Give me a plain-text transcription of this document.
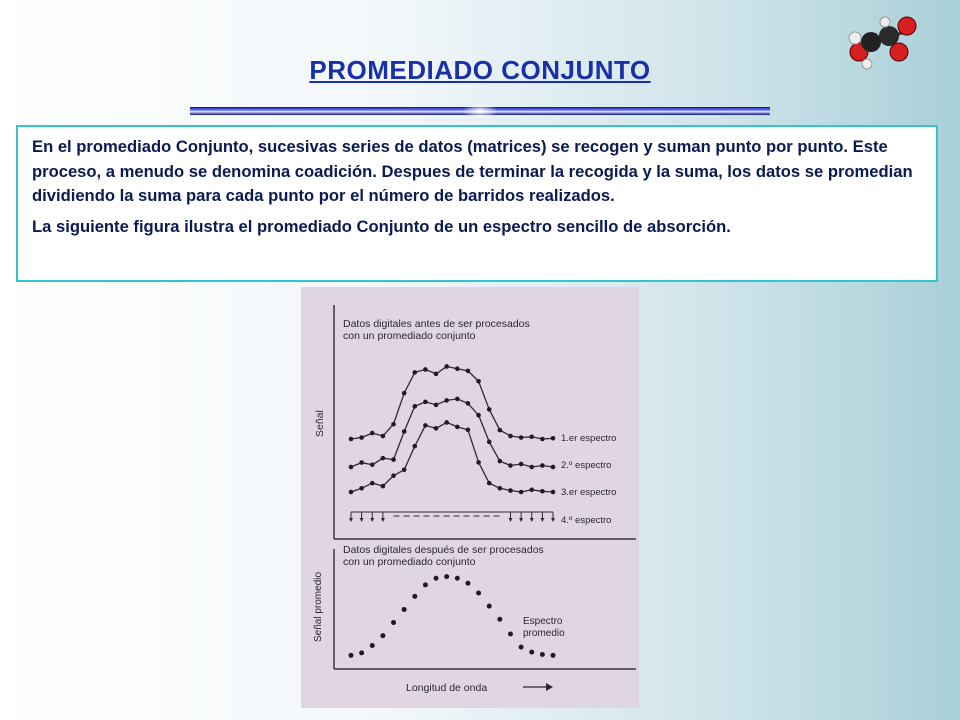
PROMEDIADO CONJUNTO

En el promediado Conjunto, sucesivas series de datos (matrices) se recogen y suman punto por punto. Este proceso, a menudo se denomina coadición. Despues de terminar la recogida y la suma, los datos se promedian dividiendo la suma para cada punto por el número de barridos realizados.

La siguiente figura ilustra el promediado Conjunto de un espectro sencillo de absorción.

Datos digitales antes de ser procesados
con un promediado conjunto
Señal
1.er espectro
2.º espectro
3.er espectro
4.º espectro
Datos digitales después de ser procesados
con un promediado conjunto
Señal promedio	Espectro
promedio
Longitud de onda
